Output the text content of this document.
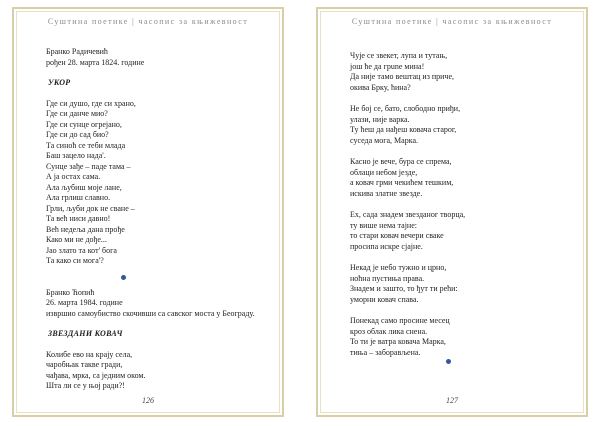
Суштина поетике | часопис за књижевност
Бранко Радичевић
рођен 28. марта 1824. године
УКОР
Где си душо, где си храно,
Где си данче мио?
Где си сунце огрејано,
Где си до сад био?
Та синоћ се теби млада
Баш зацело нада'.
Сунце зађе – паде тама –
А ја остах сама.
Ала љубиш моје лане,
Ала грлиш славно.
Грли, љуби док не сване –
Та већ ниси давно!
Већ недеља дана прође
Како ми не дође...
Јао злато та кот' бога
Та како си мога'?
Бранко Ћопић
26. марта 1984. године
извршио самоубиство скочивши са савског моста у Београду.
ЗВЕЗДАНИ КОВАЧ
Колибе ево на крају села,
чаробњак такве гради,
чађава, мрка, са једним оком.
Шта ли се у њој ради?!
126
Суштина поетике | часопис за књижевност
Чује се звекет, лупа и тутањ,
још ће да грune мина!
Да није тамо вештац из приче,
окива Брку, ћина?
Не бој се, бато, слободно приђи,
улази, није варка.
Ту ћеш да нађеш ковача старог,
суседа мога, Марка.
Касно је вече, бура се спрема,
облаци небом језде,
а ковач грми чекићем тешким,
искива златне звезде.
Ех, сада знадем звезданог творца,
ту више нема тајне:
то стари ковач вечери сваке
просипа искре сјајне.
Некад је небо тужно и црно,
ноћна пустиња права.
Знадем и зашто, то ђут ти рећи:
уморни ковач спава.
Понекад само просине месец
кроз облак лика снена.
То ти је ватра ковача Марка,
тиња – заборављена.
127
